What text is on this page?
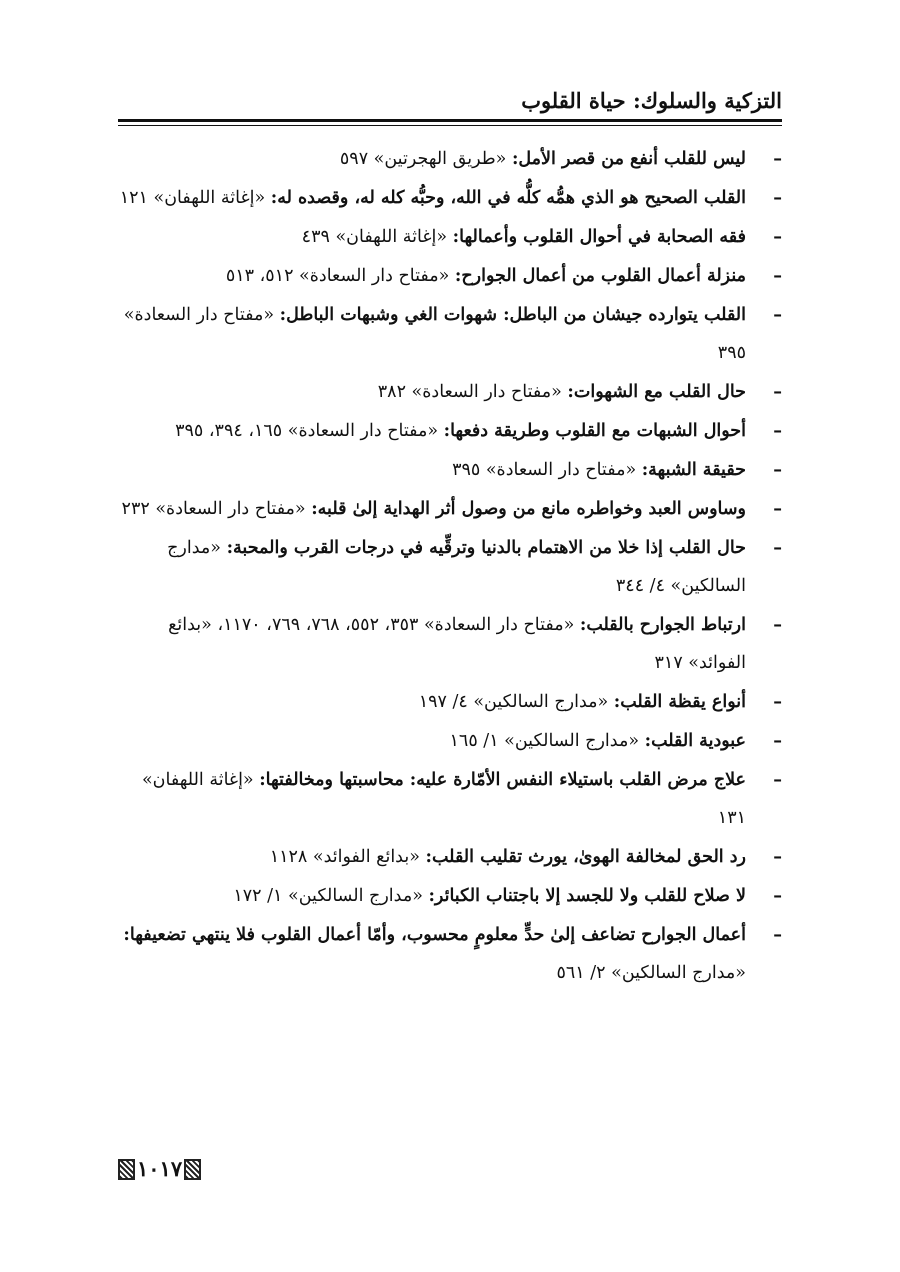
التزكية والسلوك: حياة القلوب
–
ليس للقلب أنفع من قصر الأمل: «طريق الهجرتين» ٥٩٧
–
القلب الصحيح هو الذي همُّه كلُّه في الله، وحبُّه كله له، وقصده له: «إغاثة اللهفان» ١٢١
–
فقه الصحابة في أحوال القلوب وأعمالها: «إغاثة اللهفان» ٤٣٩
–
منزلة أعمال القلوب من أعمال الجوارح: «مفتاح دار السعادة» ٥١٢، ٥١٣
–
القلب يتوارده جيشان من الباطل: شهوات الغي وشبهات الباطل: «مفتاح دار السعادة» ٣٩٥
–
حال القلب مع الشهوات: «مفتاح دار السعادة» ٣٨٢
–
أحوال الشبهات مع القلوب وطريقة دفعها: «مفتاح دار السعادة» ١٦٥، ٣٩٤، ٣٩٥
–
حقيقة الشبهة: «مفتاح دار السعادة» ٣٩٥
–
وساوس العبد وخواطره مانع من وصول أثر الهداية إلىٰ قلبه: «مفتاح دار السعادة» ٢٣٢
–
حال القلب إذا خلا من الاهتمام بالدنيا وترقِّيه في درجات القرب والمحبة: «مدارج السالكين» ٤/ ٣٤٤
–
ارتباط الجوارح بالقلب: «مفتاح دار السعادة» ٣٥٣، ٥٥٢، ٧٦٨، ٧٦٩، ١١٧٠، «بدائع الفوائد» ٣١٧
–
أنواع يقظة القلب: «مدارج السالكين» ٤/ ١٩٧
–
عبودية القلب: «مدارج السالكين» ١/ ١٦٥
–
علاج مرض القلب باستيلاء النفس الأمّارة عليه: محاسبتها ومخالفتها: «إغاثة اللهفان» ١٣١
–
رد الحق لمخالفة الهوىٰ، يورث تقليب القلب: «بدائع الفوائد» ١١٢٨
–
لا صلاح للقلب ولا للجسد إلا باجتناب الكبائر: «مدارج السالكين» ١/ ١٧٢
–
أعمال الجوارح تضاعف إلىٰ حدٍّ معلومٍ محسوب، وأمّا أعمال القلوب فلا ينتهي تضعيفها: «مدارج السالكين» ٢/ ٥٦١
١٠١٧
